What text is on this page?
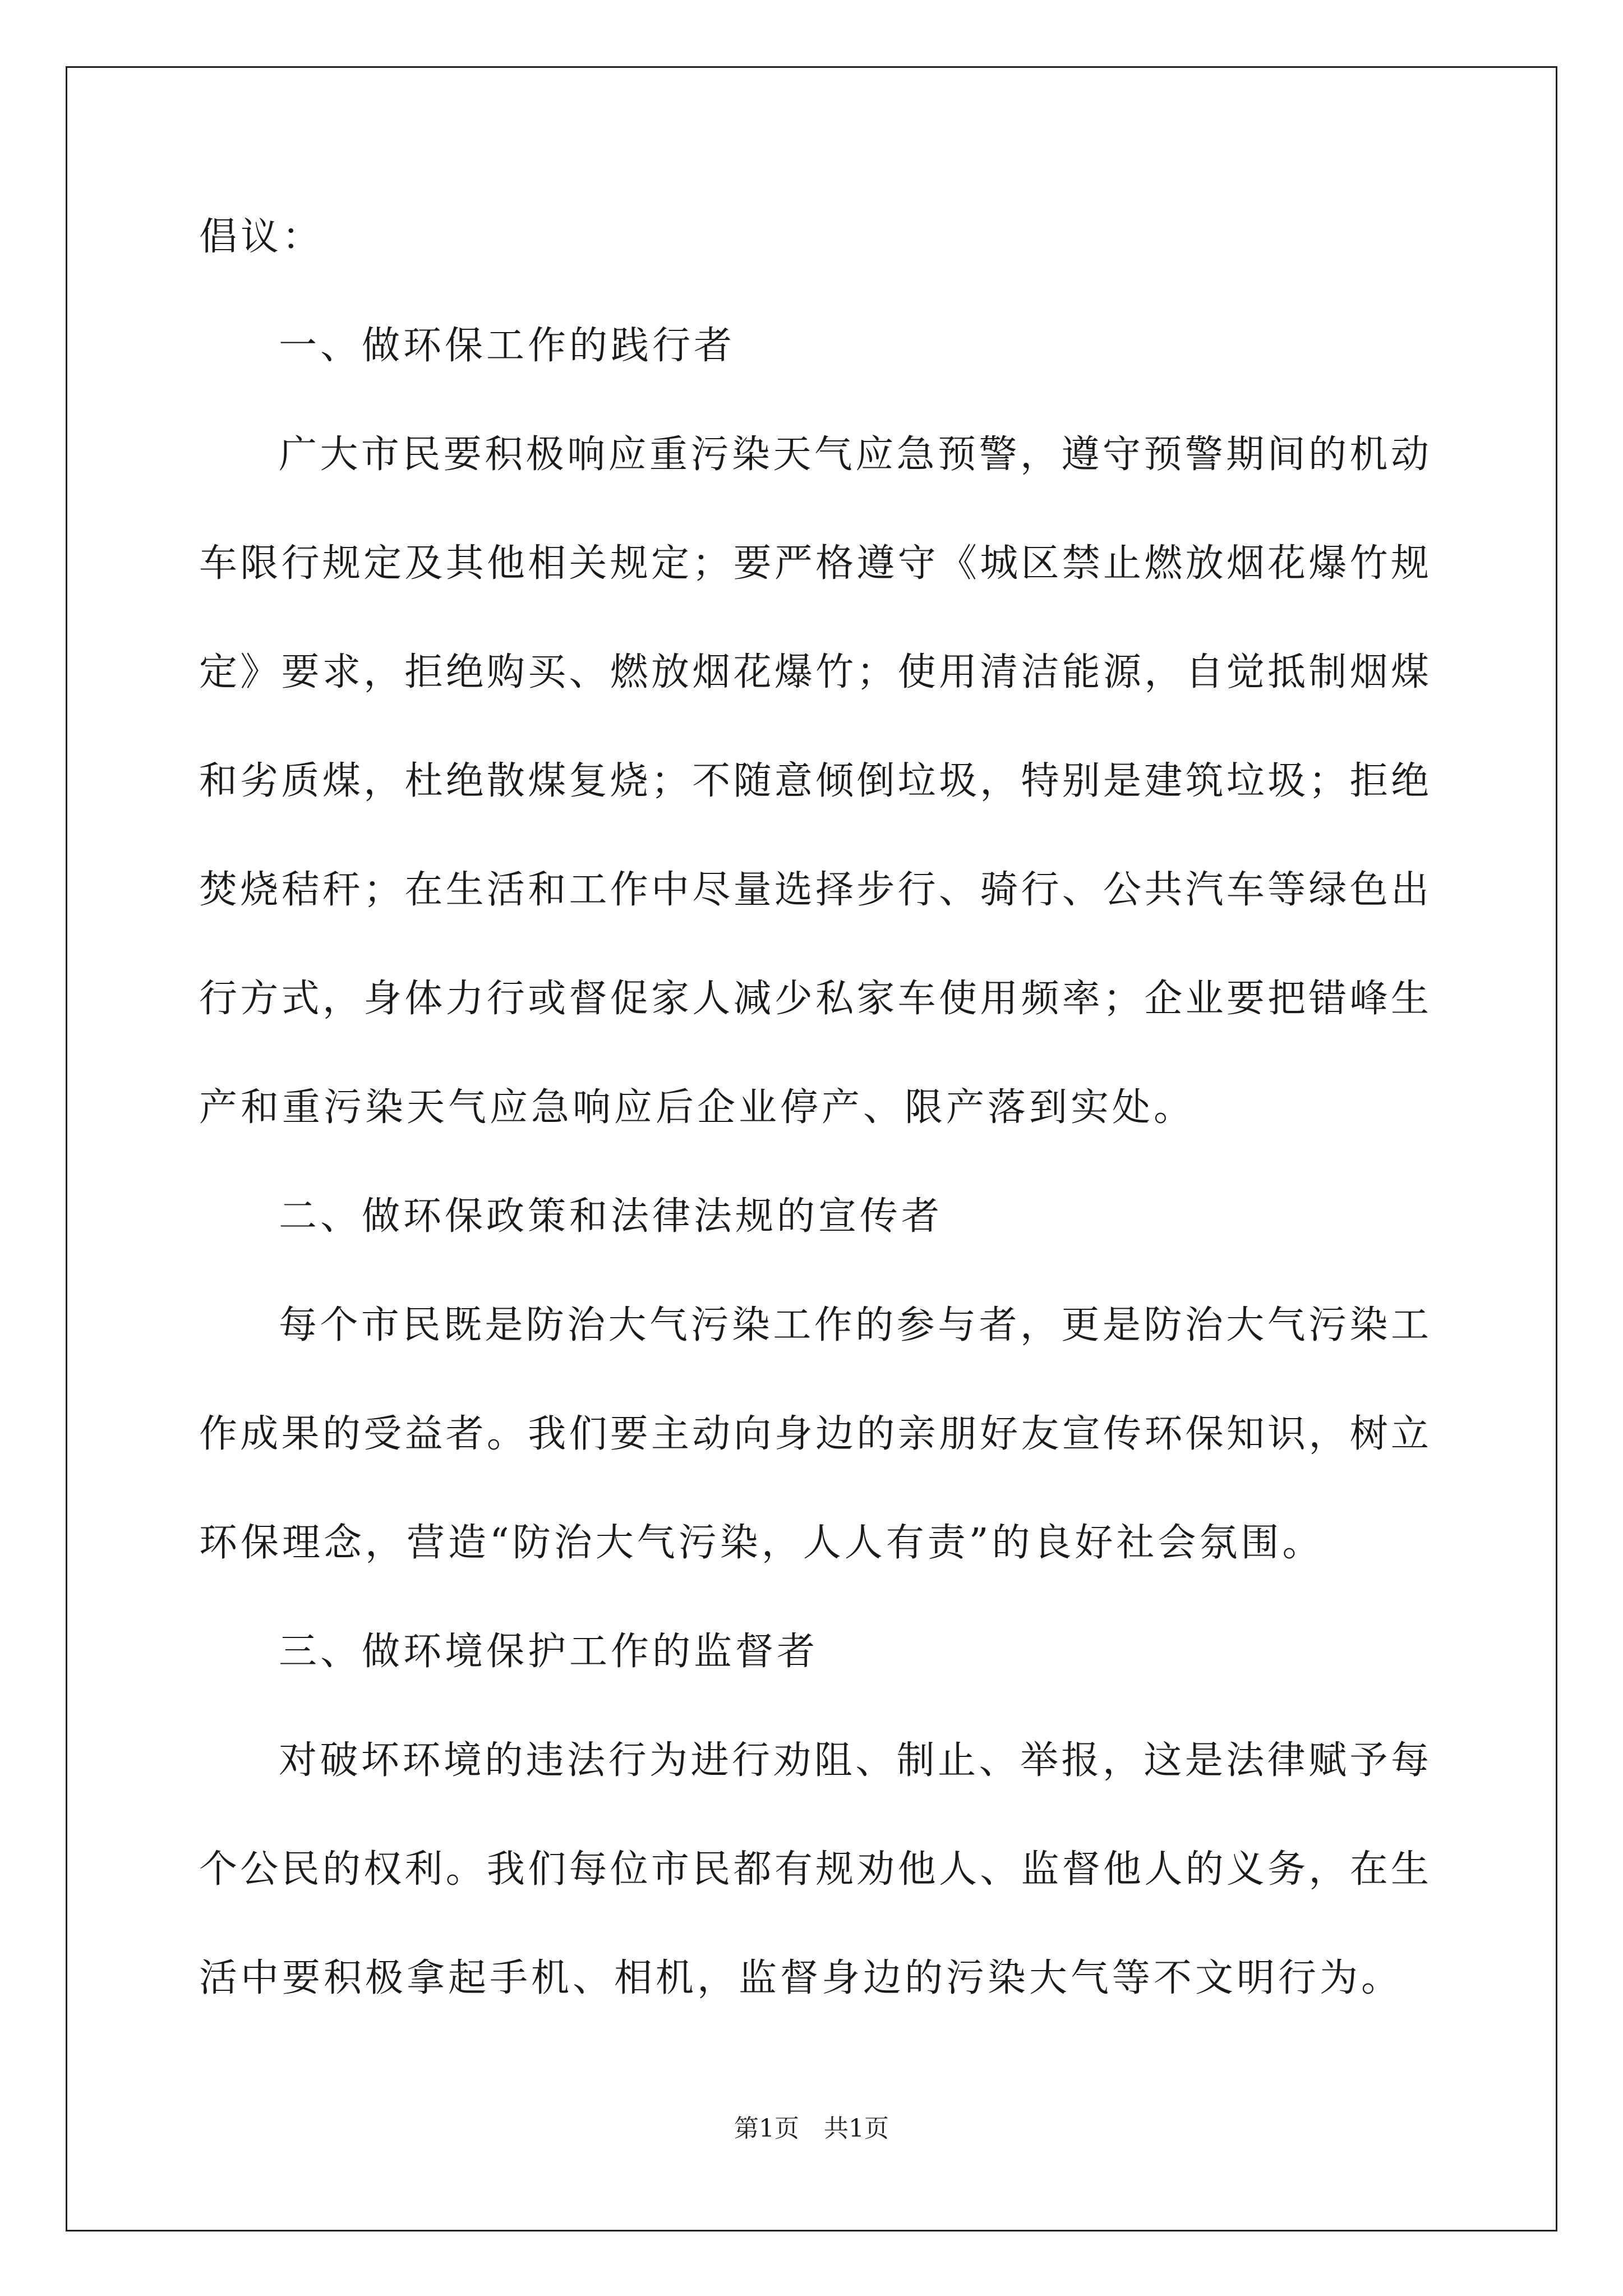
倡议：
一、做环保工作的践行者
广大市民要积极响应重污染天气应急预警，遵守预警期间的机动
车限行规定及其他相关规定；要严格遵守《城区禁止燃放烟花爆竹规
定》要求，拒绝购买、燃放烟花爆竹；使用清洁能源，自觉抵制烟煤
和劣质煤，杜绝散煤复烧；不随意倾倒垃圾，特别是建筑垃圾；拒绝
焚烧秸秆；在生活和工作中尽量选择步行、骑行、公共汽车等绿色出
行方式，身体力行或督促家人减少私家车使用频率；企业要把错峰生
产和重污染天气应急响应后企业停产、限产落到实处。
二、做环保政策和法律法规的宣传者
每个市民既是防治大气污染工作的参与者，更是防治大气污染工
作成果的受益者。我们要主动向身边的亲朋好友宣传环保知识，树立
环保理念，营造“防治大气污染，人人有责”的良好社会氛围。
三、做环境保护工作的监督者
对破坏环境的违法行为进行劝阻、制止、举报，这是法律赋予每
个公民的权利。我们每位市民都有规劝他人、监督他人的义务，在生
活中要积极拿起手机、相机，监督身边的污染大气等不文明行为。
第1页　共1页
